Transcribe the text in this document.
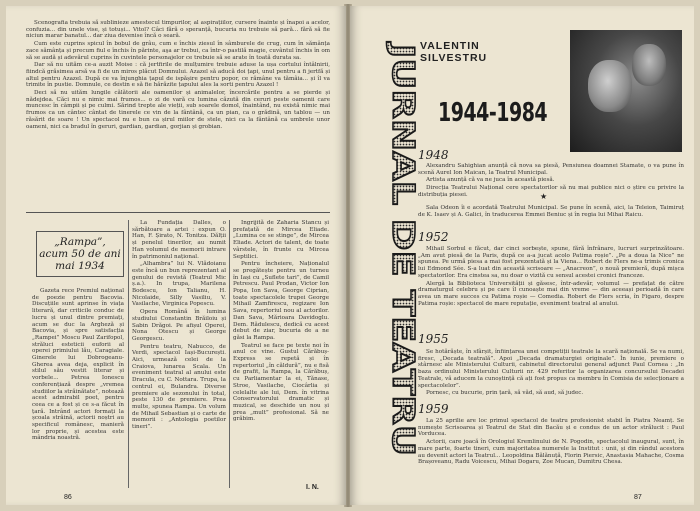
Scenografia trebuia să sublinieze amestecul timpurilor, al aspirațiilor, cursere înainte și înapoi a acelor, confuzia... din unele vise, și totuși... Vitol? Câci fără o speranță, bucuria nu trebuie să pară... fără să fie niciun marar banatul... dar ziua devenise încă o seară.

Cum este cuprins spicul în bobul de grâu, cum e închis ziesul în sâmburele de crug, cum în sămânța zace sămânța și precum fiul e închis în părinte, aşa ar trebui, ca într-o pastilă magie, cuvântul închis în om să se audă și adevărul cuprins în cuvintele personajelor ce trebuie să se arate în toată durata sa.

Dar să nu uităm ce-a auzit Moise : că jertfirile de mulțumire trebuie aduse la ușa cortului întâlnirii, fiindcă grăsimea arsă va fi de un miros plăcut Domnului. Azazel să aducă doi țapi, unul pentru a fi jertfă și altul pentru Azazel. După ce va înjunghia țapul de ispășire pentru popor, ce rămâne va tămâia... și îl va trimite în pustie. Domnule, ce destin e să fie hărăzite țapului ales la sorti pentru Azazel !

Deci să nu uităm lungile călătorii ale oamenilor și animalelor, încercările pentru a se pierde și nădejdea. Căci nu e nimic mai frumos... o zi de vară cu lumina căzută din ceruri peste oamenii care muncesc în câmpii și pe culmi. Sărind trepte ale vieții, sub soarele domol, înaintând, nu există nimic mai frumos ca un cântec cântat de tinerele ce vin de la fântână, ca un pian, ca o grădină, un tablou — un răsărit de soare ! Un spectacol nu e bun ca șirul miilor de stele, nici ca la fântână ca umbrele unor oameni, nici ca bradul în geruri, gardian, gardian, gorjian și grobian.

„Rampa”, acum 50 de ani mai 1934

Gazeta rece Premiul național de poezie pentru Bacovia. Discuțiile sunt aprinse în viața literară, dar criticile conduc de lucru și unul dintre premiați, acum se duc la Argheză și Bacovia, și spre satisfacția „Rampei” Moscu Paul Zarifopol, străluci esteticii euforii al operei primiului lău, Caragiale. Ginerele lui Dobrogeanu-Gherea avea deja, explicit în stilul său vestit literar și vorbele... Petrea Ionescu conferențiază despre „vremea studiilor la străinătate”, notează acest admirabil poet, pentru ceea ce a fost și ce s-a făcut în țară. Intrând actori formați la școala străină, actorii noștri au specificul românesc, manieră lor proprie, și acestea este mândria noastră.

La Fundația Dalles, o sărbătoare a artei : expun O. Han, F. Șirato, N. Tonitza. Dălții și penelul tinerilor, au numit Han volumul de memorii intrare în patrimoniul național.

„Alhambra” lui N. Vlădoianu este încă un bun reprezentant al genului de revistă (Teatrul Mic ș.a.). In trupa, Marilena Bodescu, Ion Talianu, H. Nicolaide, Silly Vasiliu, V. Vasilache, Virginica Popescu.

Opera Română în lumina studiului Constantin Brăiloiu și Sabin Drăgoi. Pe afișul Operei, Nona Otescu și George Georgescu.

Pentru teatru, Nabucco, de Verdi, spectacol Iași-București. Aici, urmează celei de la Craiova, lunarea Scala. Un eveniment teatral al anului este Dracula, cu C. Nottara. Trupa, la centrul ei, Bulandra. Diverse premiere ale sezonului în total, peste 130 de premiere. Prea multe, spunea Rampa. Un volum de Mihail Sebastian și o carte de memorii : „Antologia poetilor tineri”.

Ingrijită de Zaharia Stancu și prefațată de Mircea Eliade. „Lumina ce se stinge”, de Mircea Eliade. Actori de talent, de toate vârstele, în frunte cu Mircea Septilici.

Pentru încheiere, Naționalul se pregătește pentru un turneu în Iași cu „Suflete tari”, de Camil Petrescu. Paul Prodan, Victor Ion Popa, Ion Sava, George Ciprian, toate spectacolele trupei George Mihail Zamfirescu, regizare Ion Sava, repertoriul nou al actorilor. Dan Sava, Mărioara Davidoglu. Dem. Rădulescu, dedică cu acest debut de ziar, bucuria de a ne găsi la Rampa.

Teatrul se face pe texte noi în anul ce vine. Gustul Cărăbuș-Express se repetă și în repertoriul „în căldură”, nu e fisă de grafit, la Rampa, la Cărăbuș, cu Parliamentar la ei, Tănase, Stroe, Vasilache, Ciocârlia și celelalte ale lui, Dem. în vitrina Conservatorului dramatic și muzical, se deschide un nou și prea „mult” profesional. Să ne grăbim.

I. N.
86
JURNAL DE TEATRU VALENTIN
SILVESTRU
1944-1984
1948

Alexandru Sahighian anunță că nova sa piesă, Pensiunea doamnei Stamate, o va pune în scenă Aurel Ion Maican, la Teatrul Municipal.

Artista anunță că va ne juca în această piesă.

Direcția Teatrului Național cere spectatorilor să nu mai publice nici o știre cu privire la distribuția piesei.	★

Sala Odeon îi e acordată Teatrului Municipal. Se pune în scenă, aici, la Teleion, Taimiruț de K. Isaev și A. Galici, în traducerea Emmei Beniuc și în regia lui Mihai Raicu.

1952

Mihail Sorbul e făcut, dar cinci sorbește, spune, fără înfrânare, lucruri surprinzătoare. „Am avut piesă de la Paris, după ce a-a jucat acolo Patima roșie”. „Pe a doua la Nice” ne spunea. Pe urmă piesa a mai fost prezentată și la Viena... Robert de Flers ne-a trimis cronica lui Edmond Sée. S-a luat din această scrisoare — „Anacreon”, o nouă premieră, după mișca spectatorilor. Era cinstea sa, nu doar o vizită cu sensul acestei cronici franceze.

Alergă la Biblioteca Universității și găsesc, într-adevăr, volumul — prefațat de către dramaturgul celebru și pe care îl cunoaște mai din vreme — din aceeași perioadă în care avea un mare succes cu Patima roșie — Comedia. Robert de Flers scria, în Figaro, despre Patima roșie: spectacol de mare reputație, eveniment teatral al anului.

1955

Se hotărăște, în sfârșit, înființarea unei competiții teatrale la scară națională. Se va numi, firesc, „Decada teatrală”. Apoi „Decada dramaturgiei originale”. În iunie, premiere o stârnesc ale Ministerului Culturii, cabinetul directorului general adjunct Paul Cornea : „In baza ordinului Ministerului Culturii nr. 429 referitor la organizarea concursului Decadei Teatrale, vă aducem la cunoștință că ați fost propus ca membru în Comisia de selecționare a spectacolelor”.

Pornesc, cu bucurie, prin țară, să văd, să aud, să judec.

1959

La 25 aprilie are loc primul spectacol de teatru profesionist stabil în Piatra Neamț. Se numește Scrisoarea și Teatrul de Stat din Bacău și e condus de un actor strălucit : Paul Vorducea.

Actorii, care joacă în Orologiul Kremlinului de N. Pogodin, spectacolul inaugural, sunt, în mare parte, foarte tineri, cum majoritatea numerele la Institut : unii, și din rândul acestora au devenit actori la Teatrul... Leopoldina Bălănuță, Florin Piersic, Anastasia Mahache, Cosma Brașoveanu, Radu Voicescu, Mihai Dogaru, Zoe Mucan, Dumitru Chesa.

87
